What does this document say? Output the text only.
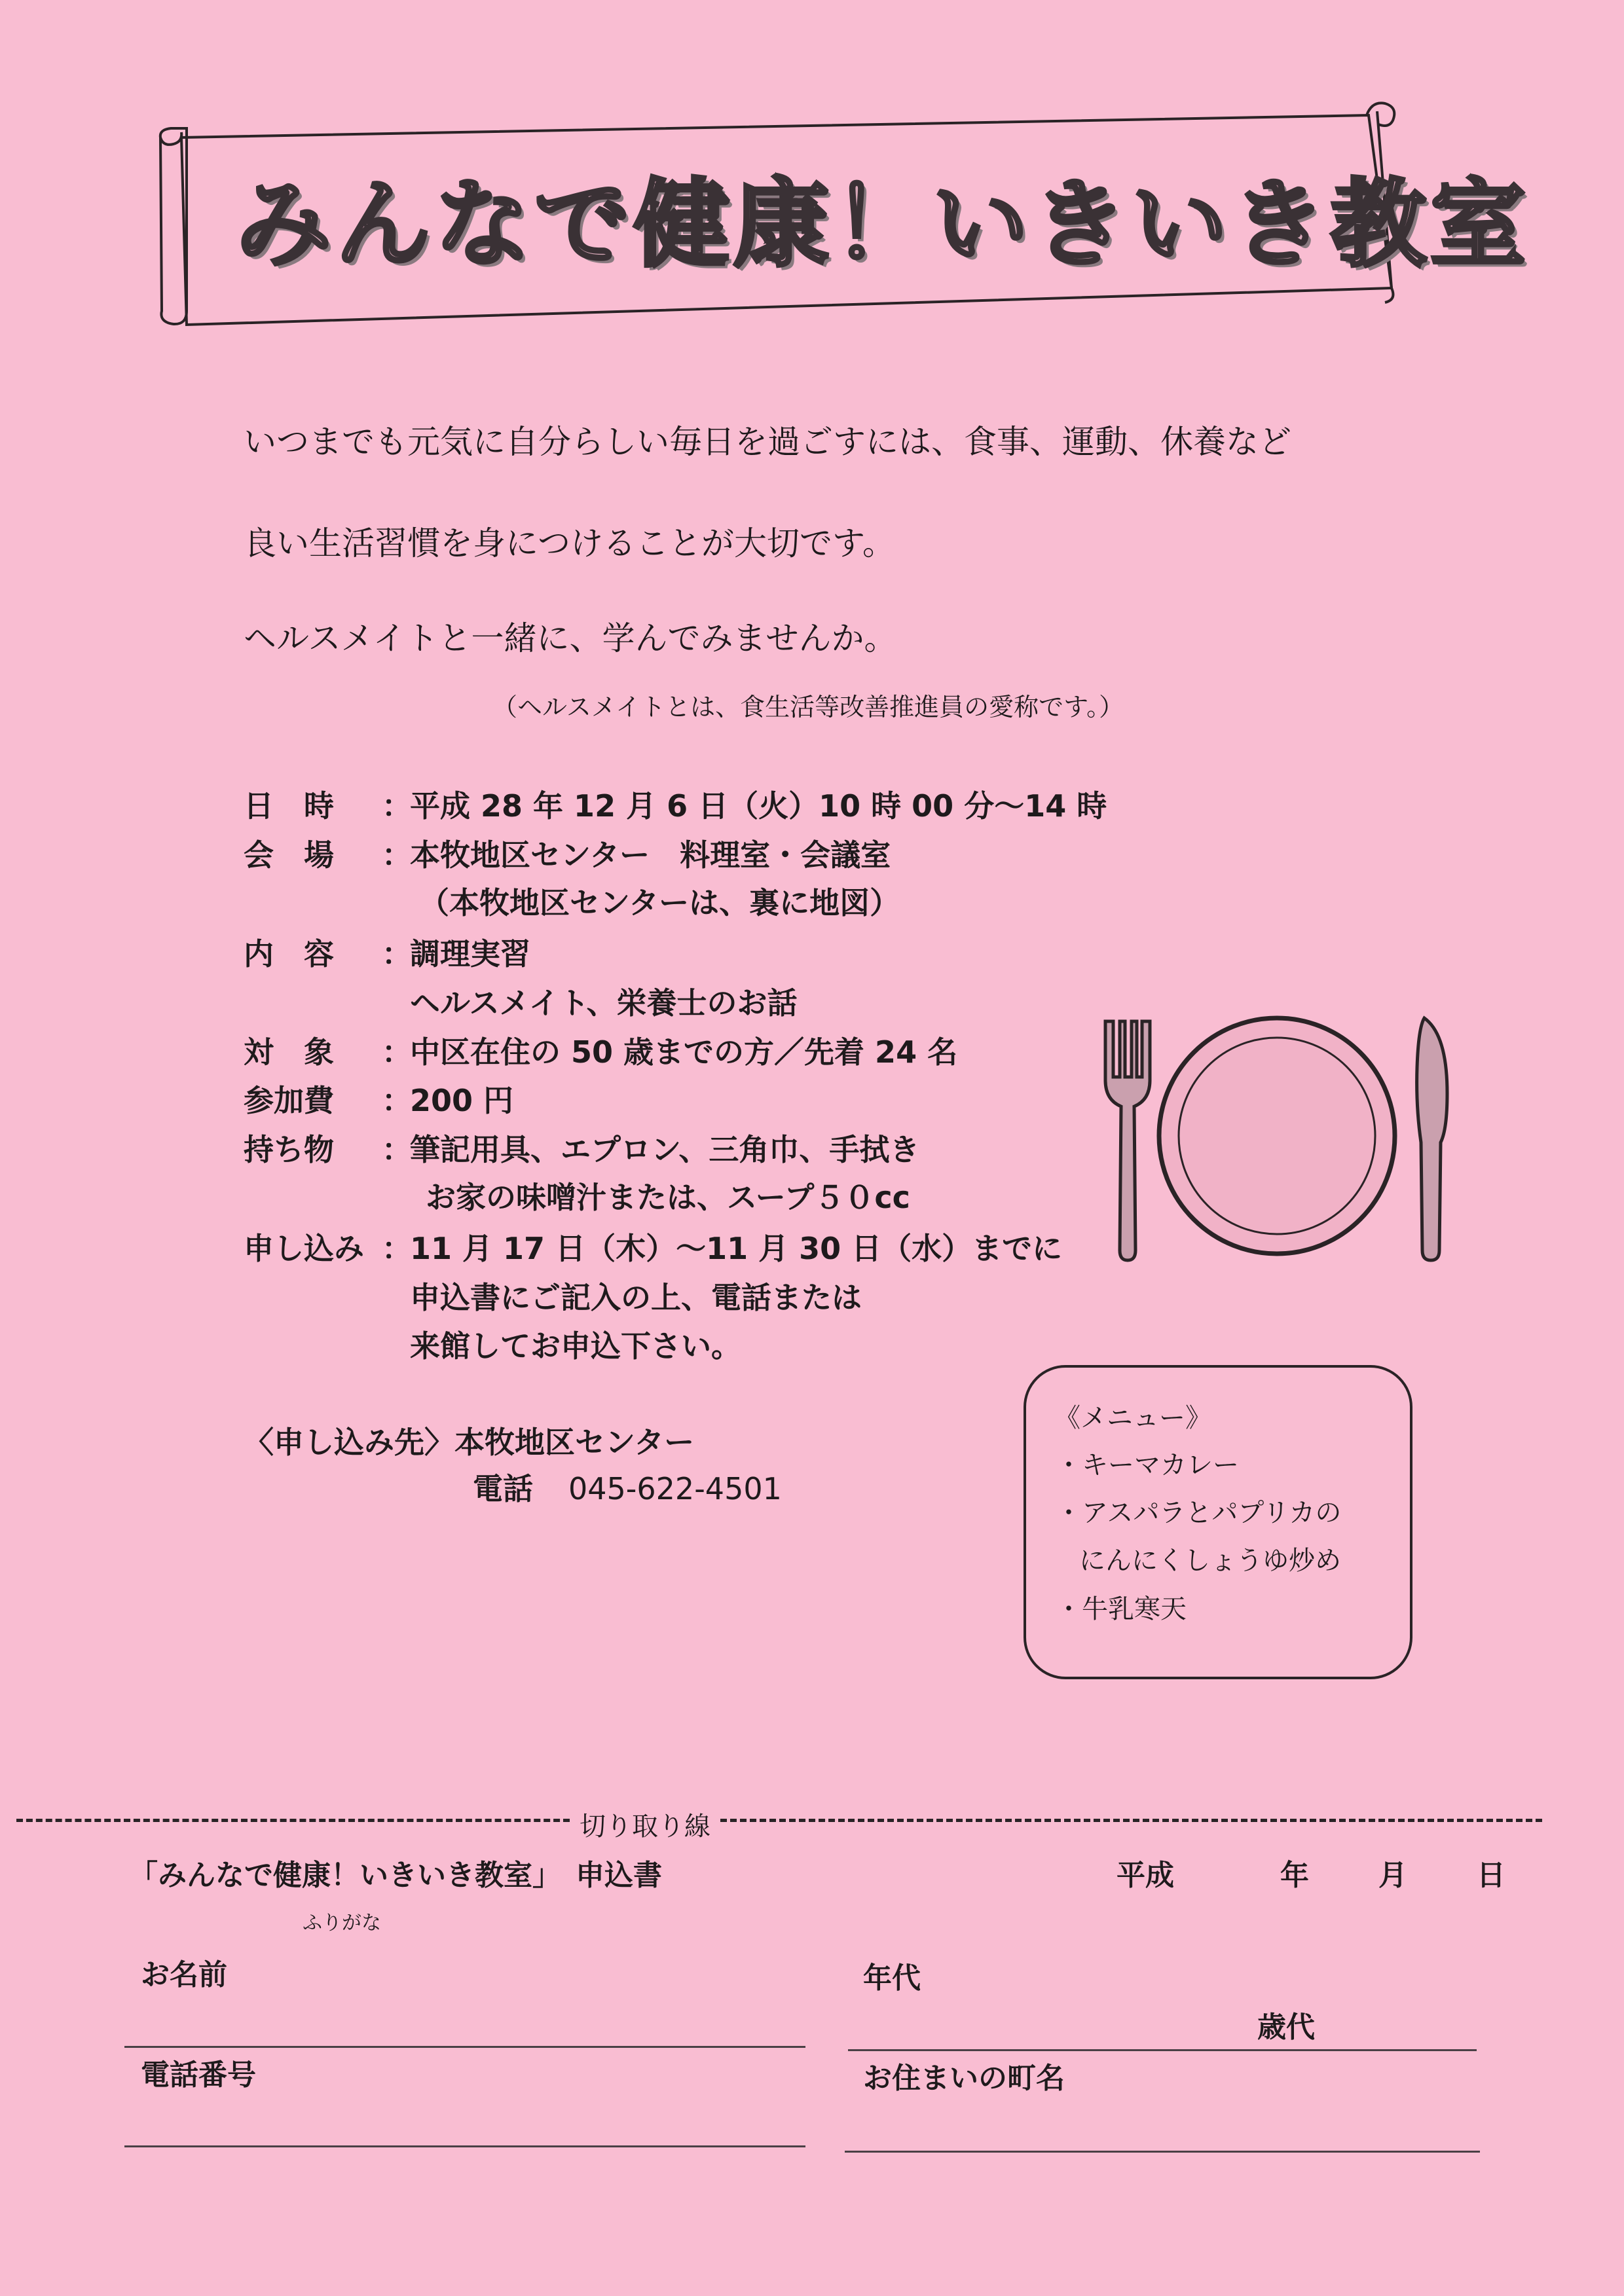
みんなで健康！いきいき教室
いつまでも元気に自分らしい毎日を過ごすには、食事、運動、休養など
良い生活習慣を身につけることが大切です。
ヘルスメイトと一緒に、学んでみませんか。
（ヘルスメイトとは、食生活等改善推進員の愛称です。）
日　時 ：
平成 28 年 12 月 6 日（火）10 時 00 分～14 時
会　場 ：
本牧地区センター　料理室・会議室
（本牧地区センターは、裏に地図）
内　容 ：
調理実習
ヘルスメイト、栄養士のお話
対　象 ：
中区在住の 50 歳までの方／先着 24 名
参加費 ：
200 円
持ち物 ：
筆記用具、エプロン、三角巾、手拭き
お家の味噌汁または、スープ５０cc
申し込み ：
11 月 17 日（木）～11 月 30 日（水）までに
申込書にご記入の上、電話または
来館してお申込下さい。
〈申し込み先〉本牧地区センター
電話 045-622-4501
《メニュー》
・キーマカレー
・アスパラとパプリカの
にんにくしょうゆ炒め
・牛乳寒天
切り取り線
「みんなで健康！いきいき教室」　申込書	平成	年 月 日
ふりがな
お名前	年代
歳代
電話番号	お住まいの町名
